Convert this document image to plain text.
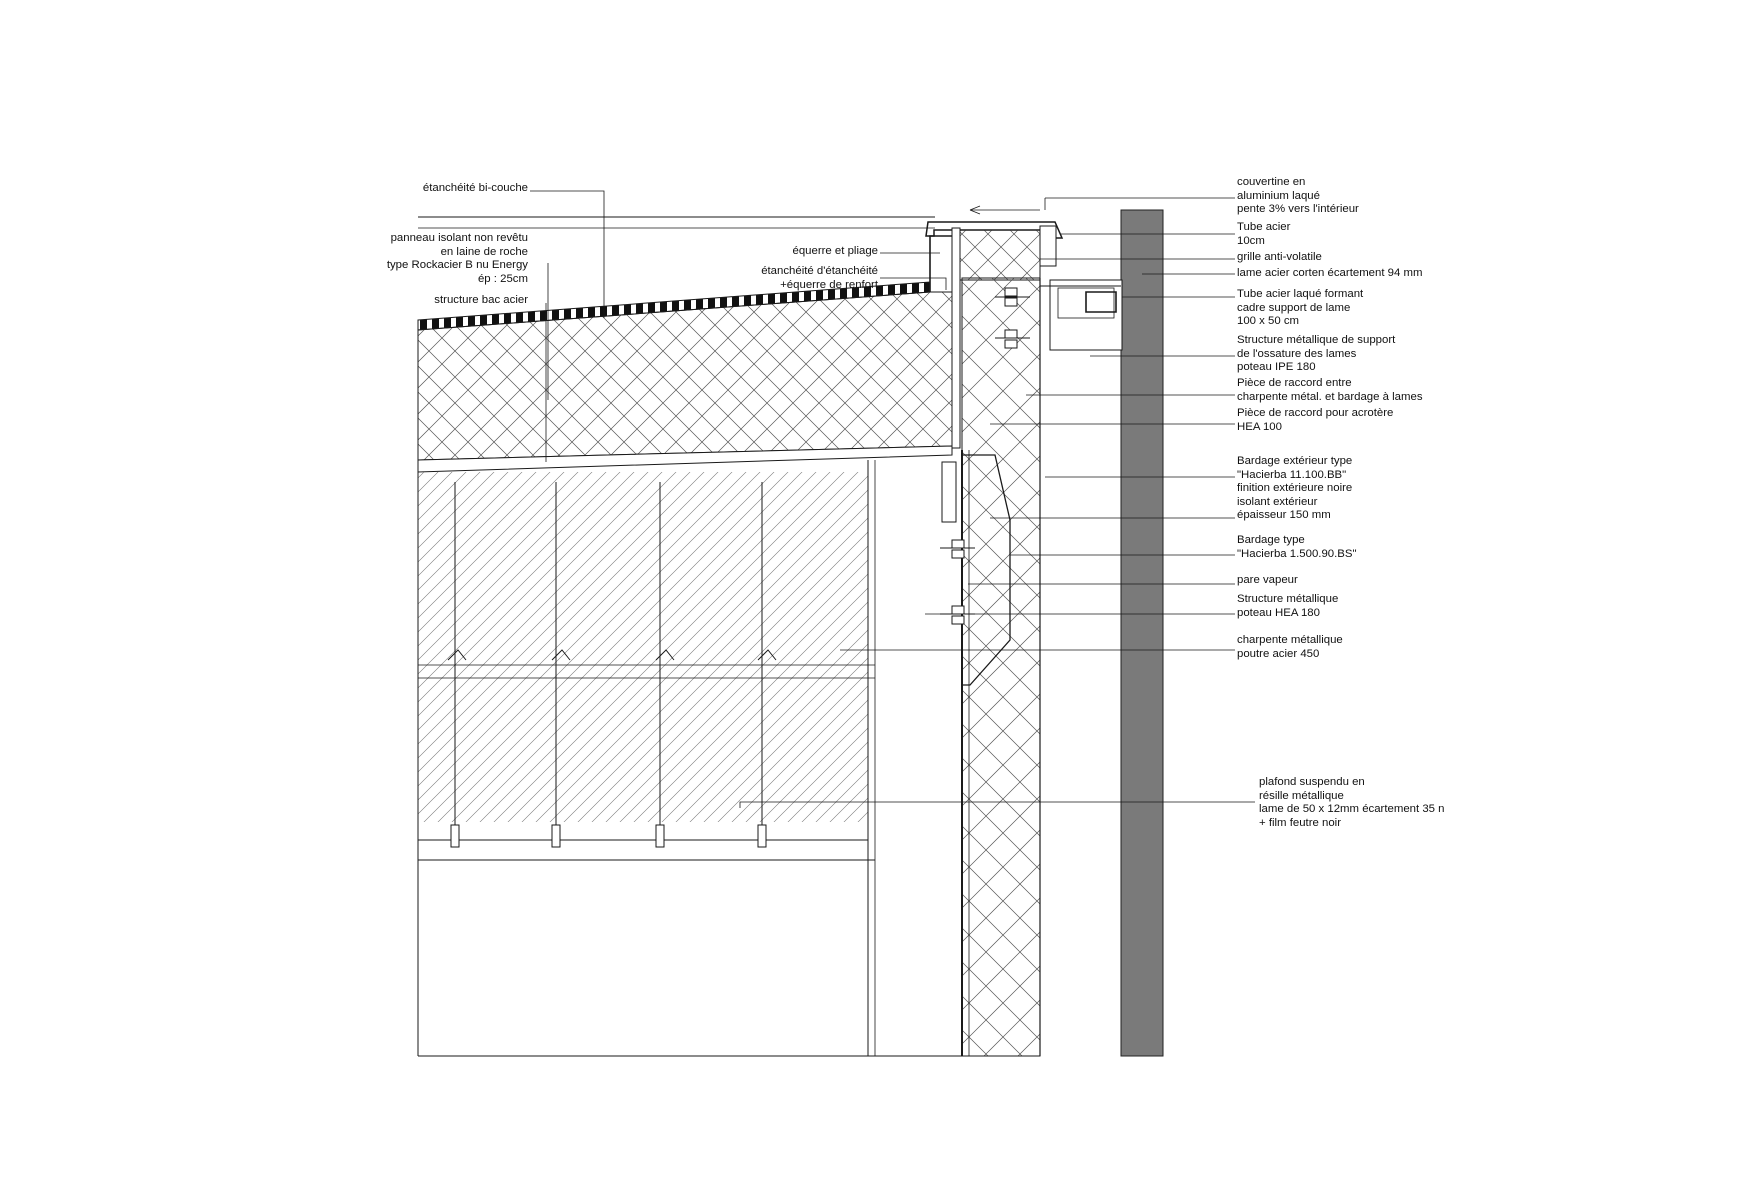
étanchéité bi-couche
panneau isolant non revêtu
en laine de roche
type Rockacier B nu Energy
ép : 25cm
structure bac acier
équerre et pliage
étanchéité d'étanchéité
+équerre de renfort
couvertine en
aluminium laqué
pente 3% vers l'intérieur
Tube acier
10cm
grille anti-volatile
lame acier corten écartement 94 mm
Tube acier laqué formant
cadre support de lame
100 x 50 cm
Structure métallique de support
de l'ossature des lames
poteau IPE 180
Pièce de raccord entre
charpente métal. et bardage à lames
Pièce de raccord pour acrotère
HEA 100
Bardage extérieur type
"Hacierba 11.100.BB"
finition extérieure noire
isolant extérieur
épaisseur 150 mm
Bardage type
"Hacierba 1.500.90.BS"
pare vapeur
Structure métallique
poteau HEA 180
charpente métallique
poutre acier 450
plafond suspendu en
résille métallique
lame de 50 x 12mm écartement 35 n
+ film feutre noir
